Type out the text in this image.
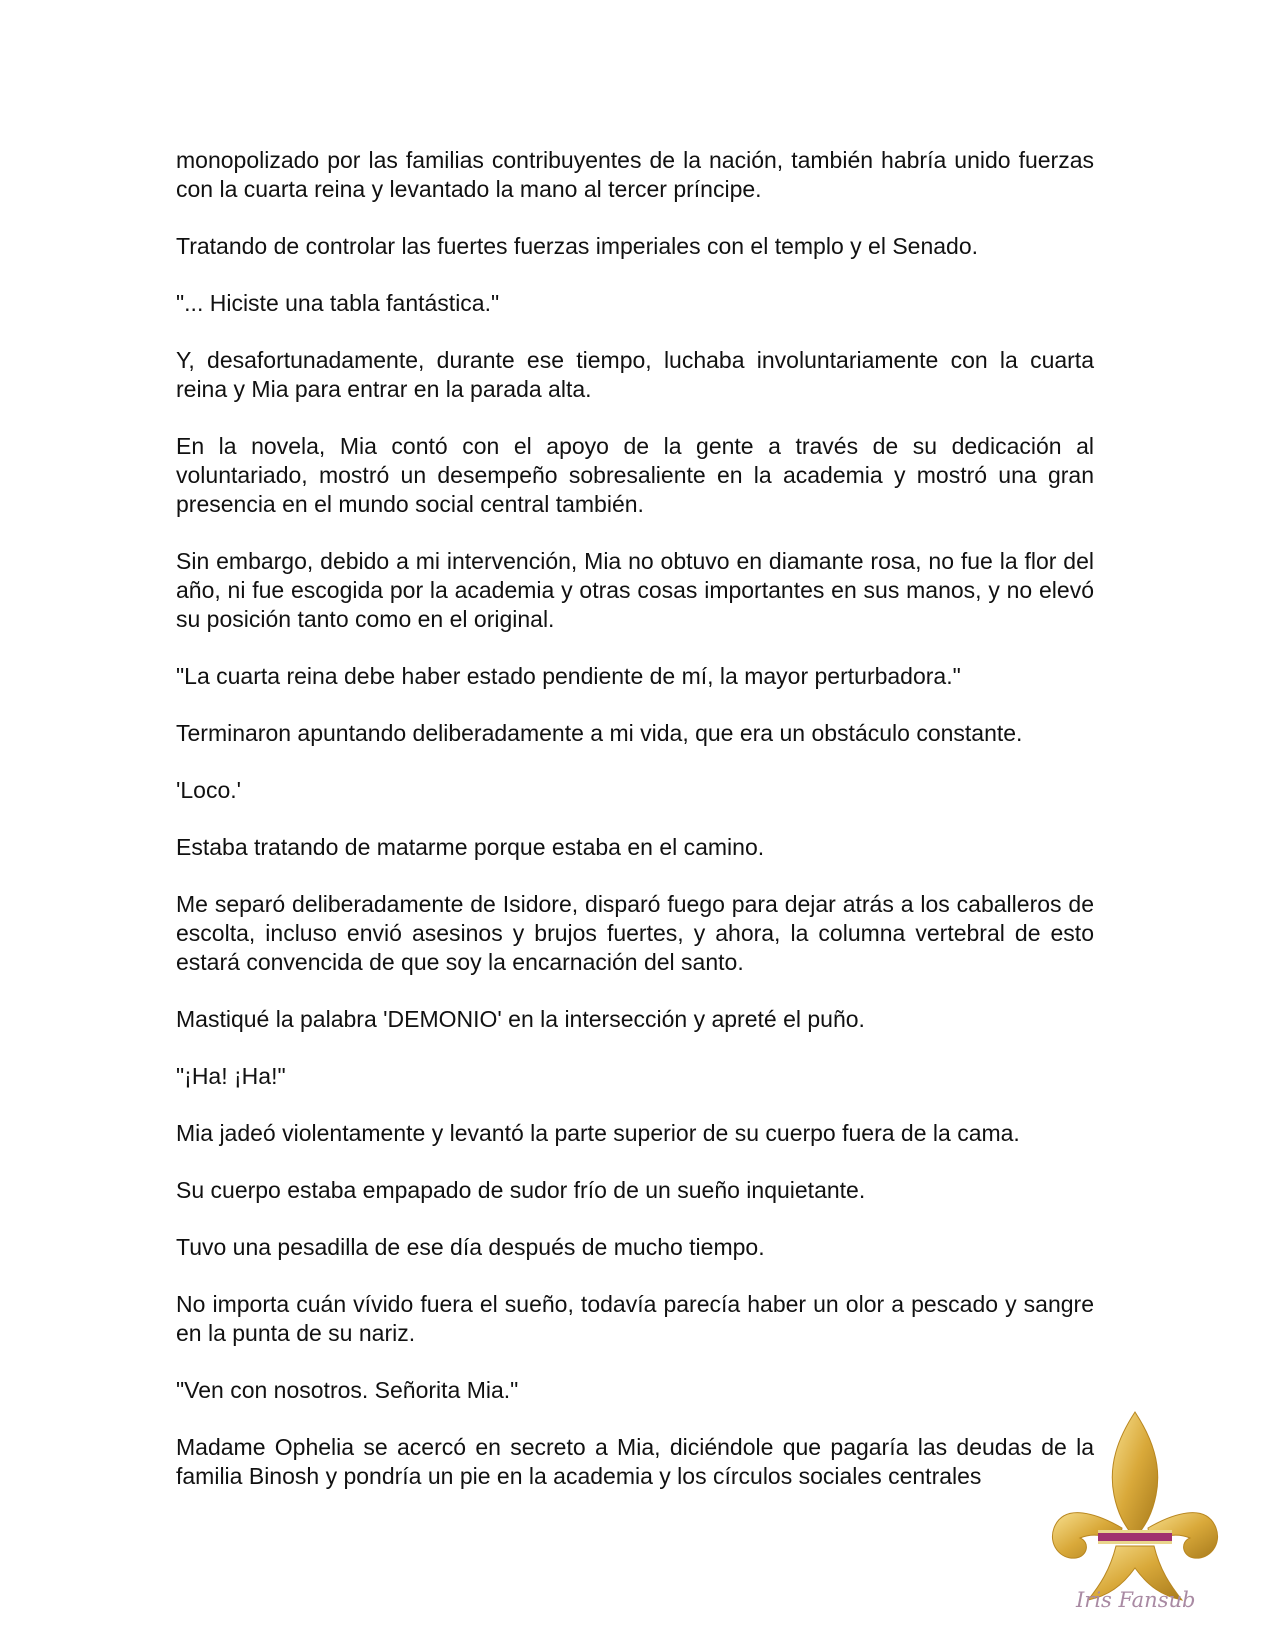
monopolizado por las familias contribuyentes de la nación, también habría unido fuerzas con la cuarta reina y levantado la mano al tercer príncipe.

Tratando de controlar las fuertes fuerzas imperiales con el templo y el Senado.

"... Hiciste una tabla fantástica."

Y, desafortunadamente, durante ese tiempo, luchaba involuntariamente con la cuarta reina y Mia para entrar en la parada alta.

En la novela, Mia contó con el apoyo de la gente a través de su dedicación al voluntariado, mostró un desempeño sobresaliente en la academia y mostró una gran presencia en el mundo social central también.

Sin embargo, debido a mi intervención, Mia no obtuvo en diamante rosa, no fue la flor del año, ni fue escogida por la academia y otras cosas importantes en sus manos, y no elevó su posición tanto como en el original.

"La cuarta reina debe haber estado pendiente de mí, la mayor perturbadora."

Terminaron apuntando deliberadamente a mi vida, que era un obstáculo constante.

'Loco.'

Estaba tratando de matarme porque estaba en el camino.

Me separó deliberadamente de Isidore, disparó fuego para dejar atrás a los caballeros de escolta, incluso envió asesinos y brujos fuertes, y ahora, la columna vertebral de esto estará convencida de que soy la encarnación del santo.

Mastiqué la palabra 'DEMONIO' en la intersección y apreté el puño.

"¡Ha! ¡Ha!"

Mia jadeó violentamente y levantó la parte superior de su cuerpo fuera de la cama.

Su cuerpo estaba empapado de sudor frío de un sueño inquietante.

Tuvo una pesadilla de ese día después de mucho tiempo.

No importa cuán vívido fuera el sueño, todavía parecía haber un olor a pescado y sangre en la punta de su nariz.

"Ven con nosotros. Señorita Mia."

Madame Ophelia se acercó en secreto a Mia, diciéndole que pagaría las deudas de la familia Binosh y pondría un pie en la academia y los círculos sociales centrales

Iris Fansub
